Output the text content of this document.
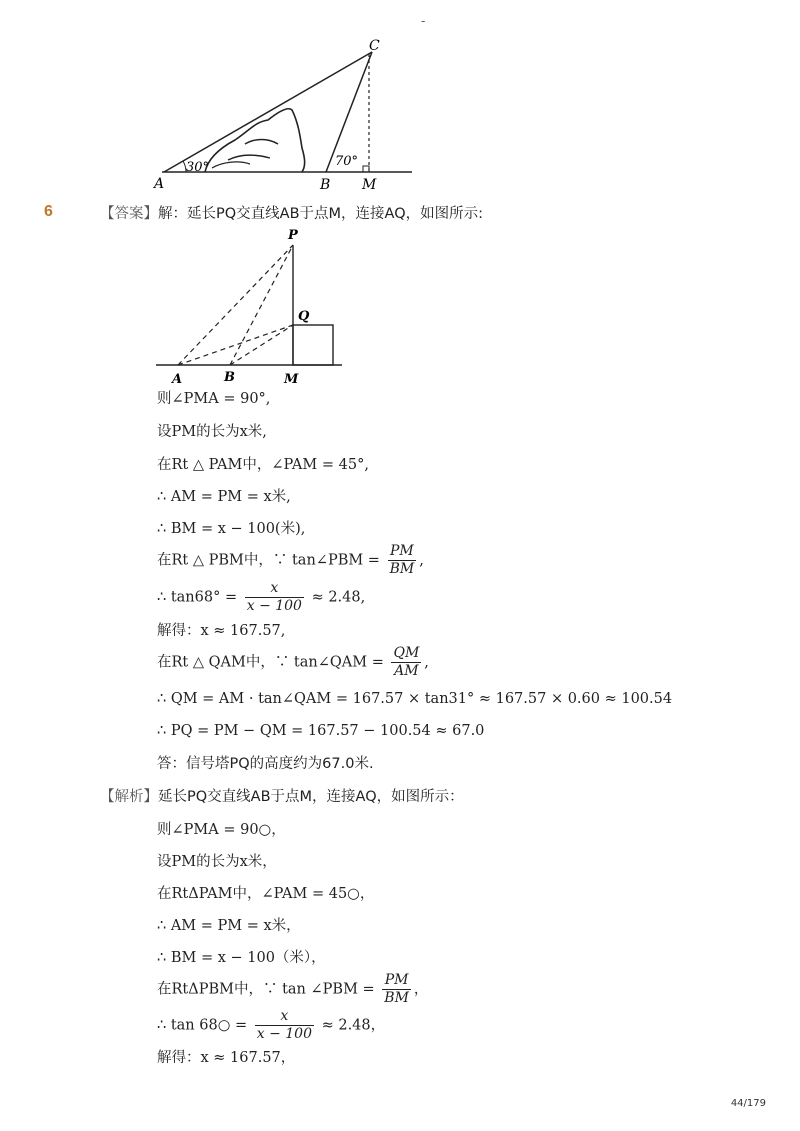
-
30°	70°
A	B M
C
6	【答案】解：延长PQ交直线AB于点M，连接AQ，如图所示:
P
Q
A	B	M
则∠PMA = 90°,
设PM的长为x米,
在Rt △ PAM中，∠PAM = 45°,
∴ AM = PM = x米,
∴ BM = x − 100(米),
在Rt △ PBM中，∵ tan∠PBM = $\frac{PM}{BM}$ ,
∴ $\tan 68^\circ = \frac{x}{x - 100} \approx 2.48$,
解得：x ≈ 167.57,
在Rt △ QAM中，∵ tan∠QAM = $\frac{QM}{AM}$ ,
∴ QM = AM · tan∠QAM = 167.57 × tan31° ≈ 167.57 × 0.60 ≈ 100.54
∴ PQ = PM − QM = 167.57 − 100.54 ≈ 67.0
答：信号塔PQ的高度约为67.0米.
【解析】延长PQ交直线AB于点M，连接AQ，如图所示：
则∠PMA = 90○，
设PM的长为x米，
在RtΔPAM中，∠PAM = 45○，
∴ AM = PM = x米，
∴ BM = x − 100（米），
在RtΔPBM中，∵ tan ∠PBM = $\frac{PM}{BM}$ ，
∴ tan 68○ = $\frac{x}{x - 100} \approx 2.48$，
解得：x ≈ 167.57，
44/179
